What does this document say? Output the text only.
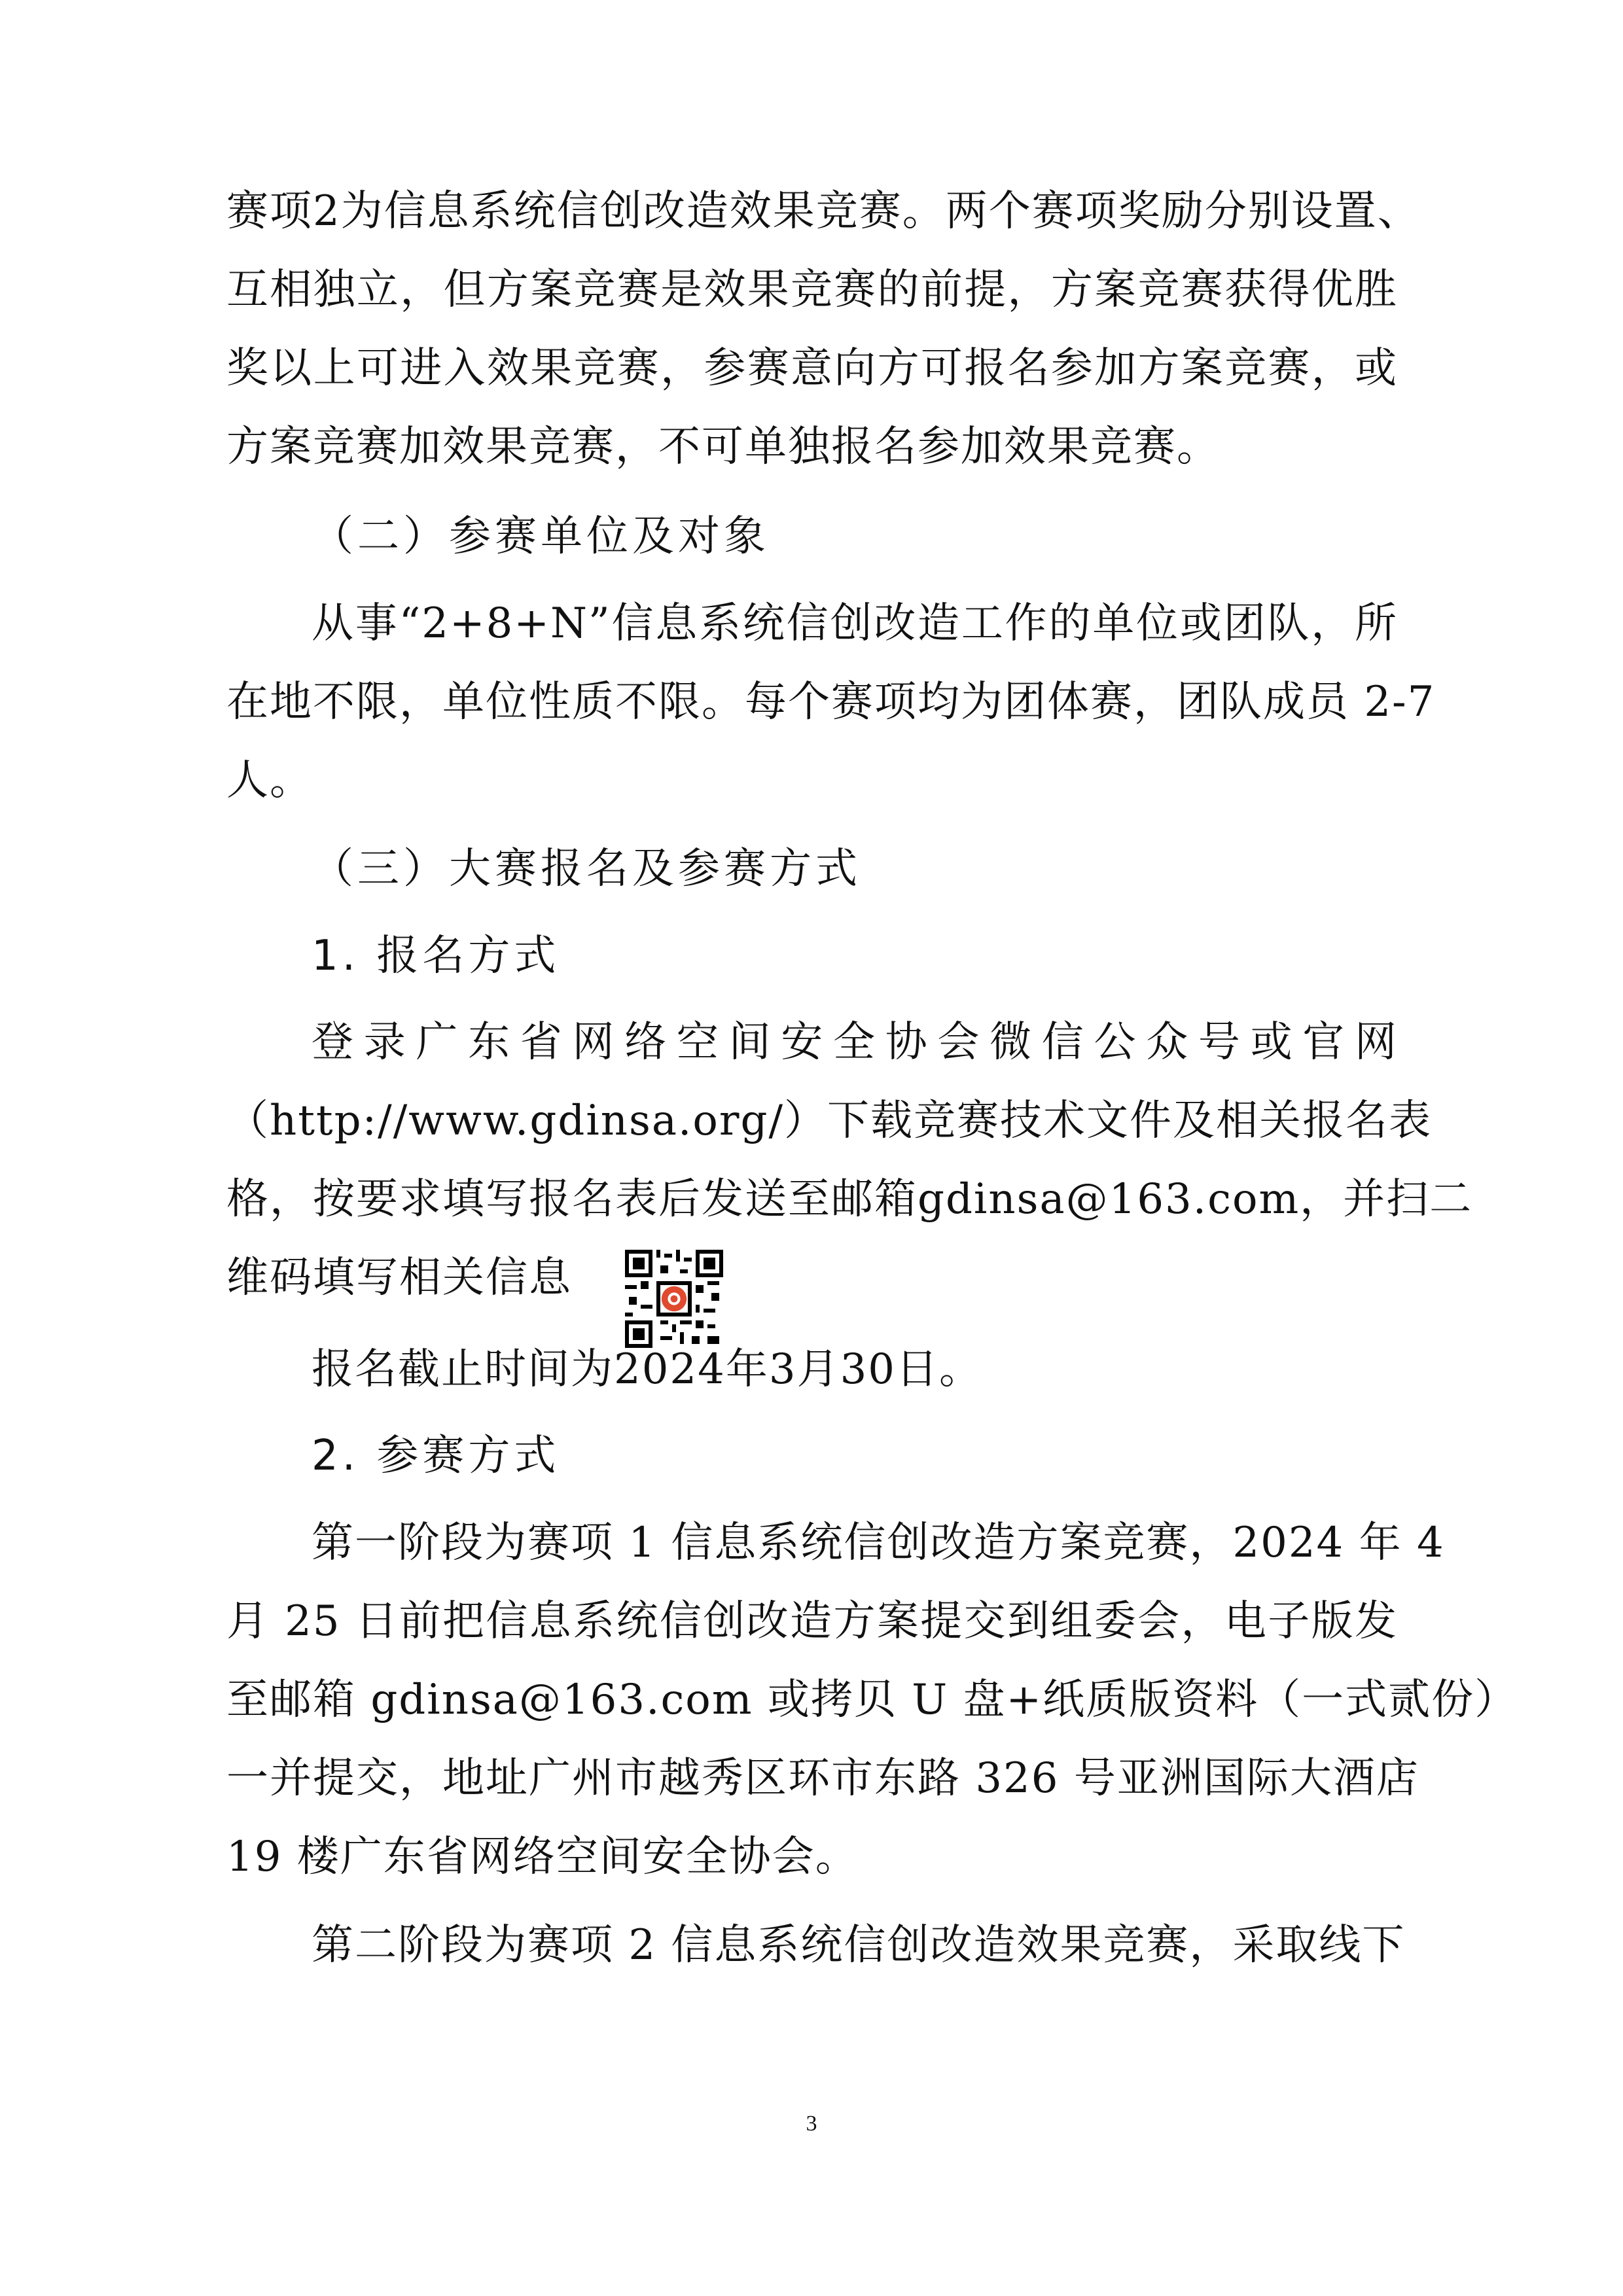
赛项2为信息系统信创改造效果竞赛。两个赛项奖励分别设置、
互相独立，但方案竞赛是效果竞赛的前提，方案竞赛获得优胜
奖以上可进入效果竞赛，参赛意向方可报名参加方案竞赛，或
方案竞赛加效果竞赛，不可单独报名参加效果竞赛。
（二）参赛单位及对象
从事“2+8+N”信息系统信创改造工作的单位或团队，所
在地不限，单位性质不限。每个赛项均为团体赛，团队成员 2-7
人。
（三）大赛报名及参赛方式
1. 报名方式
登录广东省网络空间安全协会微信公众号或官网
（http://www.gdinsa.org/）下载竞赛技术文件及相关报名表
格，按要求填写报名表后发送至邮箱gdinsa@163.com，并扫二
维码填写相关信息
报名截止时间为2024年3月30日。
2. 参赛方式
第一阶段为赛项 1 信息系统信创改造方案竞赛，2024 年 4
月 25 日前把信息系统信创改造方案提交到组委会，电子版发
至邮箱 gdinsa@163.com 或拷贝 U 盘+纸质版资料（一式贰份）
一并提交，地址广州市越秀区环市东路 326 号亚洲国际大酒店
19 楼广东省网络空间安全协会。
第二阶段为赛项 2 信息系统信创改造效果竞赛，采取线下
3
